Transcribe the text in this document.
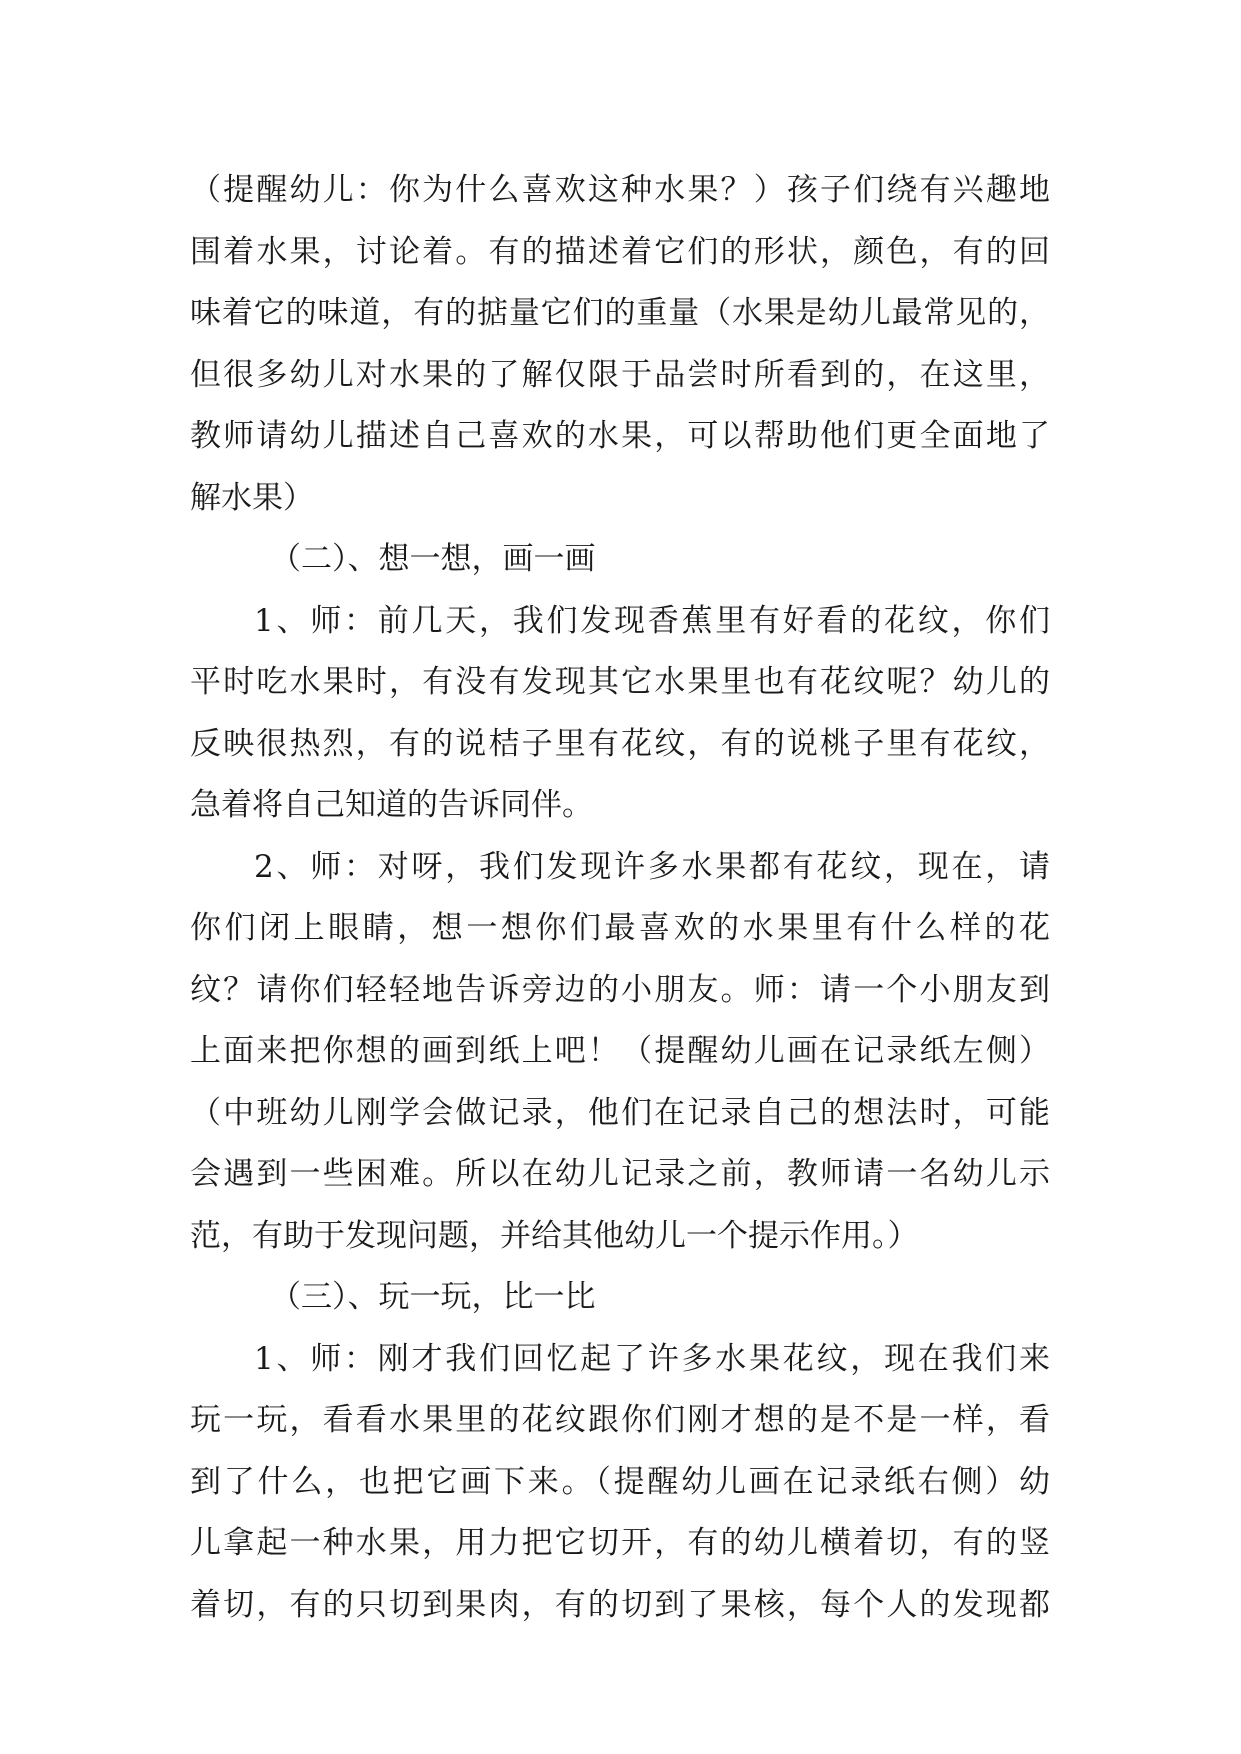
（提醒幼儿：你为什么喜欢这种水果？）孩子们绕有兴趣地
围着水果，讨论着。有的描述着它们的形状，颜色，有的回
味着它的味道，有的掂量它们的重量（水果是幼儿最常见的，
但很多幼儿对水果的了解仅限于品尝时所看到的，在这里，
教师请幼儿描述自己喜欢的水果，可以帮助他们更全面地了
解水果）
（二）、想一想，画一画
1、师：前几天，我们发现香蕉里有好看的花纹，你们
平时吃水果时，有没有发现其它水果里也有花纹呢？幼儿的
反映很热烈，有的说桔子里有花纹，有的说桃子里有花纹，
急着将自己知道的告诉同伴。
2、师：对呀，我们发现许多水果都有花纹，现在，请
你们闭上眼睛，想一想你们最喜欢的水果里有什么样的花
纹？请你们轻轻地告诉旁边的小朋友。师：请一个小朋友到
上面来把你想的画到纸上吧！（提醒幼儿画在记录纸左侧）
（中班幼儿刚学会做记录，他们在记录自己的想法时，可能
会遇到一些困难。所以在幼儿记录之前，教师请一名幼儿示
范，有助于发现问题，并给其他幼儿一个提示作用。）
（三）、玩一玩，比一比
1、师：刚才我们回忆起了许多水果花纹，现在我们来
玩一玩，看看水果里的花纹跟你们刚才想的是不是一样，看
到了什么，也把它画下来。（提醒幼儿画在记录纸右侧）幼
儿拿起一种水果，用力把它切开，有的幼儿横着切，有的竖
着切，有的只切到果肉，有的切到了果核，每个人的发现都
